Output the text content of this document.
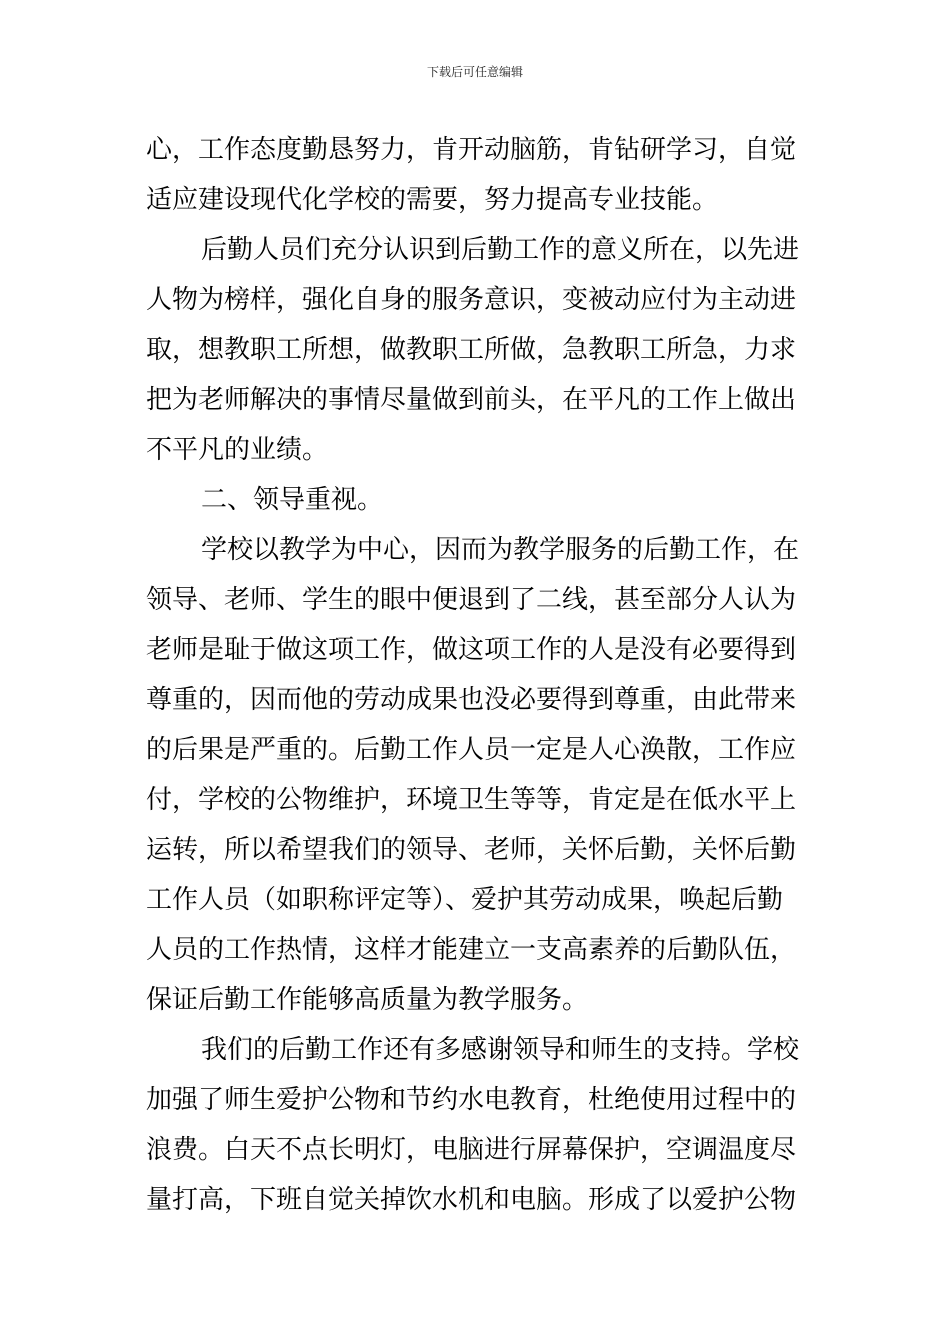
下载后可任意编辑
心，工作态度勤恳努力，肯开动脑筋，肯钻研学习，自觉
适应建设现代化学校的需要，努力提高专业技能。
后勤人员们充分认识到后勤工作的意义所在，以先进
人物为榜样，强化自身的服务意识，变被动应付为主动进
取，想教职工所想，做教职工所做，急教职工所急，力求
把为老师解决的事情尽量做到前头，在平凡的工作上做出
不平凡的业绩。
二、领导重视。
学校以教学为中心，因而为教学服务的后勤工作，在
领导、老师、学生的眼中便退到了二线，甚至部分人认为
老师是耻于做这项工作，做这项工作的人是没有必要得到
尊重的，因而他的劳动成果也没必要得到尊重，由此带来
的后果是严重的。后勤工作人员一定是人心涣散，工作应
付，学校的公物维护，环境卫生等等，肯定是在低水平上
运转，所以希望我们的领导、老师，关怀后勤，关怀后勤
工作人员（如职称评定等）、爱护其劳动成果，唤起后勤
人员的工作热情，这样才能建立一支高素养的后勤队伍，
保证后勤工作能够高质量为教学服务。
我们的后勤工作还有多感谢领导和师生的支持。学校
加强了师生爱护公物和节约水电教育，杜绝使用过程中的
浪费。白天不点长明灯，电脑进行屏幕保护，空调温度尽
量打高，下班自觉关掉饮水机和电脑。形成了以爱护公物
